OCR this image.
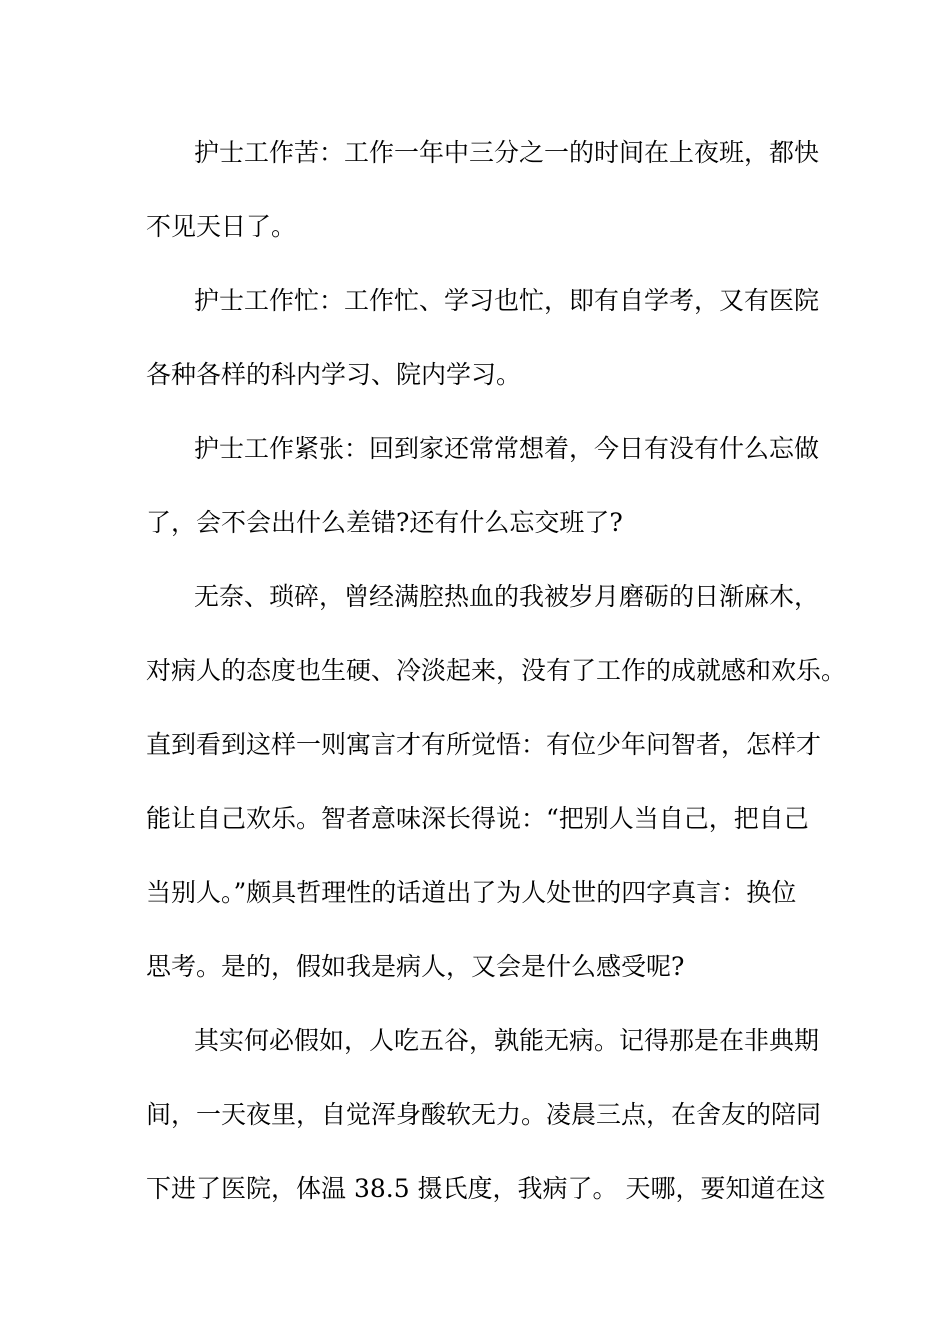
护士工作苦：工作一年中三分之一的时间在上夜班，都快
不见天日了。
护士工作忙：工作忙、学习也忙，即有自学考，又有医院
各种各样的科内学习、院内学习。
护士工作紧张：回到家还常常想着，今日有没有什么忘做
了，会不会出什么差错?还有什么忘交班了?
无奈、琐碎，曾经满腔热血的我被岁月磨砺的日渐麻木，
对病人的态度也生硬、冷淡起来，没有了工作的成就感和欢乐。
直到看到这样一则寓言才有所觉悟：有位少年问智者，怎样才
能让自己欢乐。智者意味深长得说：“把别人当自己，把自己
当别人。”颇具哲理性的话道出了为人处世的四字真言：换位
思考。是的，假如我是病人，又会是什么感受呢?
其实何必假如，人吃五谷，孰能无病。记得那是在非典期
间，一天夜里，自觉浑身酸软无力。凌晨三点，在舍友的陪同
下进了医院，体温 38.5 摄氏度，我病了。 天哪，要知道在这
